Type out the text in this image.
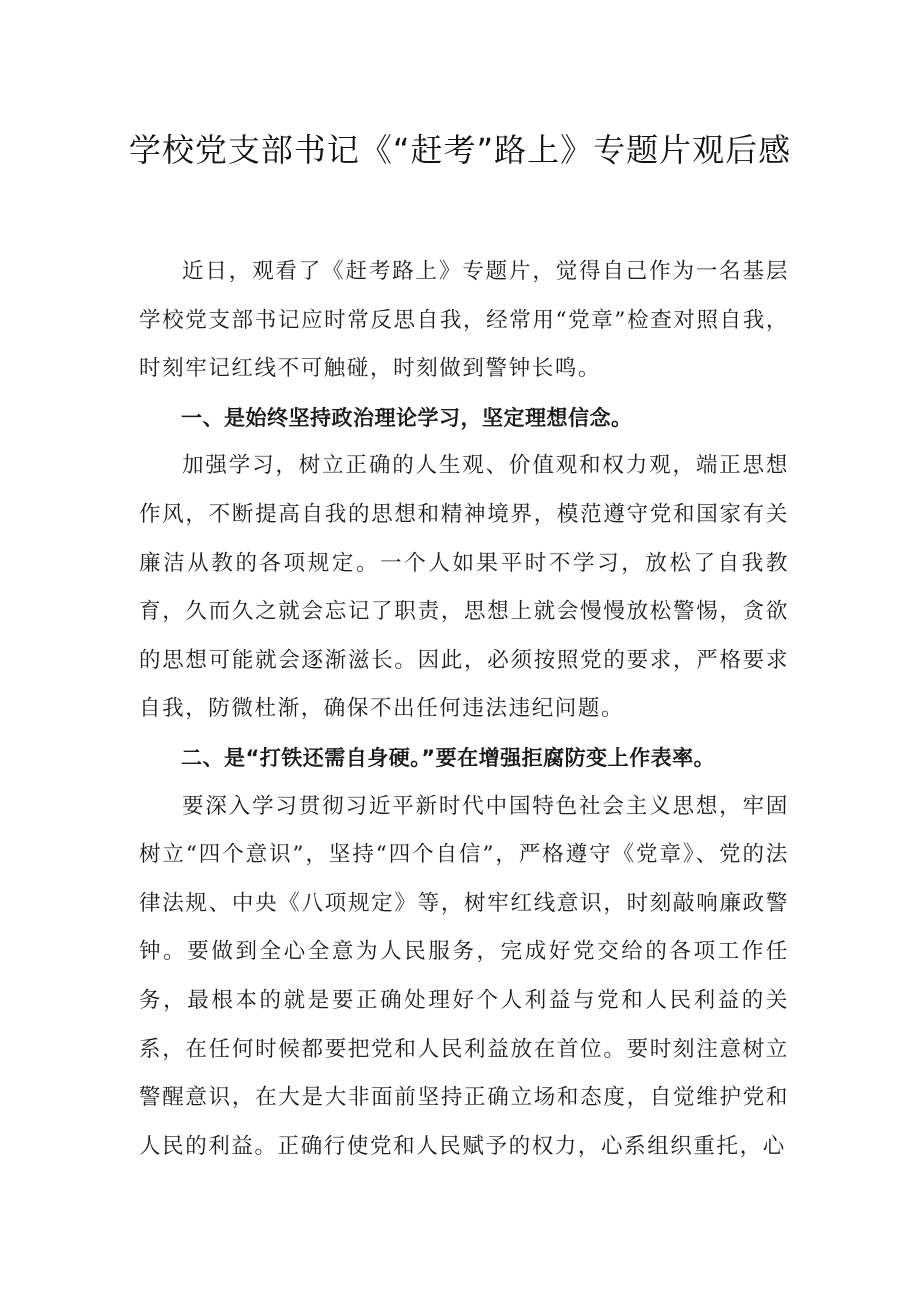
学校党支部书记《“赶考”路上》专题片观后感

近日，观看了《赶考路上》专题片，觉得自己作为一名基层学校党支部书记应时常反思自我，经常用“党章”检查对照自我，时刻牢记红线不可触碰，时刻做到警钟长鸣。

一、是始终坚持政治理论学习，坚定理想信念。

加强学习，树立正确的人生观、价值观和权力观，端正思想作风，不断提高自我的思想和精神境界，模范遵守党和国家有关廉洁从教的各项规定。一个人如果平时不学习，放松了自我教育，久而久之就会忘记了职责，思想上就会慢慢放松警惕，贪欲的思想可能就会逐渐滋长。因此，必须按照党的要求，严格要求自我，防微杜渐，确保不出任何违法违纪问题。

二、是“打铁还需自身硬。”要在增强拒腐防变上作表率。

要深入学习贯彻习近平新时代中国特色社会主义思想，牢固树立“四个意识”，坚持“四个自信”，严格遵守《党章》、党的法律法规、中央《八项规定》等，树牢红线意识，时刻敲响廉政警钟。要做到全心全意为人民服务，完成好党交给的各项工作任务，最根本的就是要正确处理好个人利益与党和人民利益的关系，在任何时候都要把党和人民利益放在首位。要时刻注意树立警醒意识，在大是大非面前坚持正确立场和态度，自觉维护党和人民的利益。正确行使党和人民赋予的权力，心系组织重托，心
